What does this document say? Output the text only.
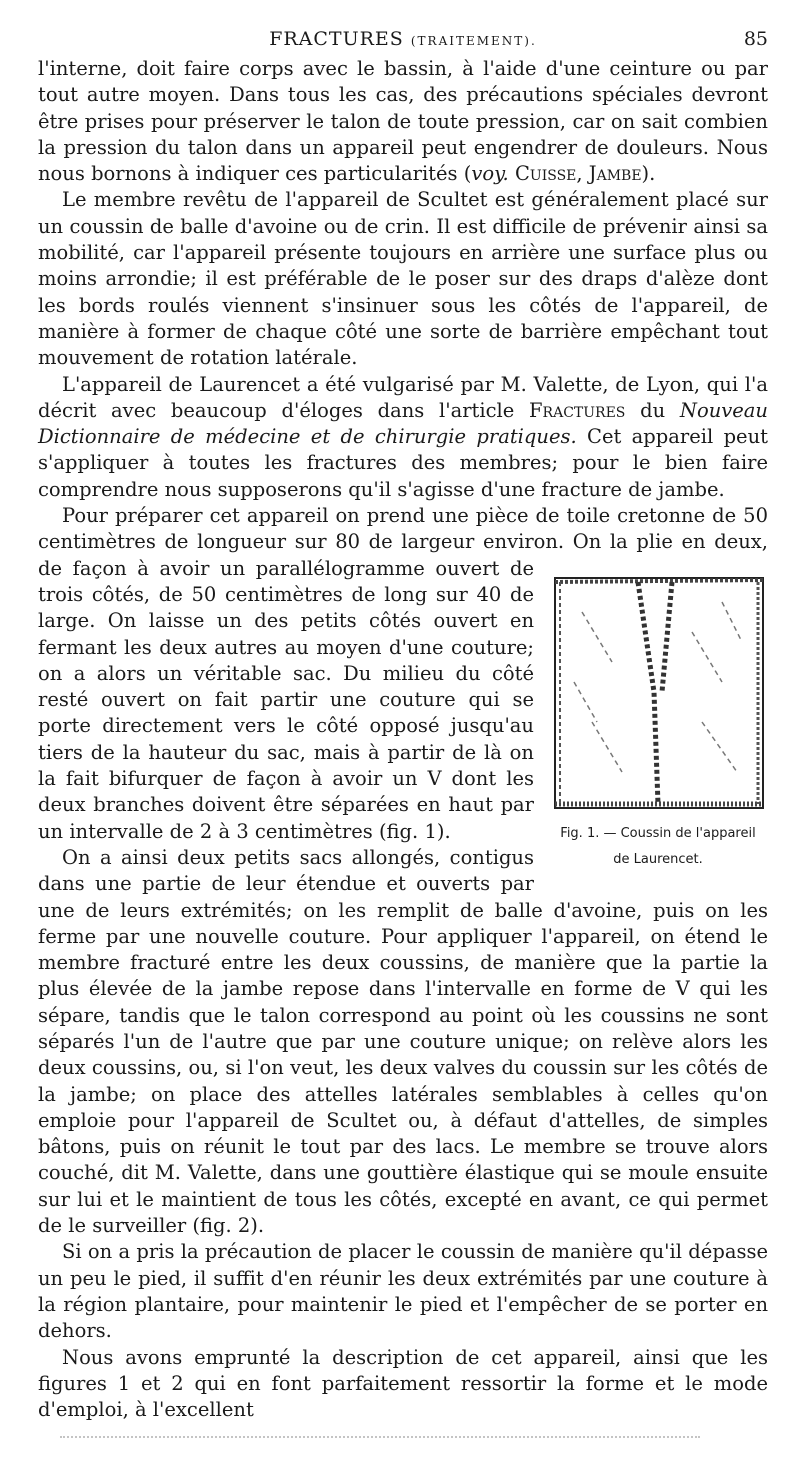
FRACTURES (TRAITEMENT).	85

l'interne, doit faire corps avec le bassin, à l'aide d'une ceinture ou par tout autre moyen. Dans tous les cas, des précautions spéciales devront être prises pour préserver le talon de toute pression, car on sait combien la pression du talon dans un appareil peut engendrer de douleurs. Nous nous bornons à indiquer ces particularités (voy. Cuisse, Jambe).

Le membre revêtu de l'appareil de Scultet est généralement placé sur un coussin de balle d'avoine ou de crin. Il est difficile de prévenir ainsi sa mobilité, car l'appareil présente toujours en arrière une surface plus ou moins arrondie; il est préférable de le poser sur des draps d'alèze dont les bords roulés viennent s'insinuer sous les côtés de l'appareil, de manière à former de chaque côté une sorte de barrière empêchant tout mouvement de rotation latérale.

L'appareil de Laurencet a été vulgarisé par M. Valette, de Lyon, qui l'a décrit avec beaucoup d'éloges dans l'article Fractures du Nouveau Dictionnaire de médecine et de chirurgie pratiques. Cet appareil peut s'appliquer à toutes les fractures des membres; pour le bien faire comprendre nous supposerons qu'il s'agisse d'une fracture de jambe.

Pour préparer cet appareil on prend une pièce de toile cretonne de 50 centimètres de longueur sur 80 de largeur environ.
Fig. 1. — Coussin de l'appareil
de Laurencet.
On la plie en deux, de façon à avoir un parallélogramme ouvert de trois côtés, de 50 centimètres de long sur 40 de large. On laisse un des petits côtés ouvert en fermant les deux autres au moyen d'une couture; on a alors un véritable sac. Du milieu du côté resté ouvert on fait partir une couture qui se porte directement vers le côté opposé jusqu'au tiers de la hauteur du sac, mais à partir de là on la fait bifurquer de façon à avoir un V dont les deux branches doivent être séparées en haut par un intervalle de 2 à 3 centimètres (fig. 1).

On a ainsi deux petits sacs allongés, contigus dans une partie de leur étendue et ouverts par une de leurs extrémités; on les remplit de balle d'avoine, puis on les ferme par une nouvelle couture. Pour appliquer l'appareil, on étend le membre fracturé entre les deux coussins, de manière que la partie la plus élevée de la jambe repose dans l'intervalle en forme de V qui les sépare, tandis que le talon correspond au point où les coussins ne sont séparés l'un de l'autre que par une couture unique; on relève alors les deux coussins, ou, si l'on veut, les deux valves du coussin sur les côtés de la jambe; on place des attelles latérales semblables à celles qu'on emploie pour l'appareil de Scultet ou, à défaut d'attelles, de simples bâtons, puis on réunit le tout par des lacs. Le membre se trouve alors couché, dit M. Valette, dans une gouttière élastique qui se moule ensuite sur lui et le maintient de tous les côtés, excepté en avant, ce qui permet de le surveiller (fig. 2).

Si on a pris la précaution de placer le coussin de manière qu'il dépasse un peu le pied, il suffit d'en réunir les deux extrémités par une couture à la région plantaire, pour maintenir le pied et l'empêcher de se porter en dehors.

Nous avons emprunté la description de cet appareil, ainsi que les figures 1 et 2 qui en font parfaitement ressortir la forme et le mode d'emploi, à l'excellent
